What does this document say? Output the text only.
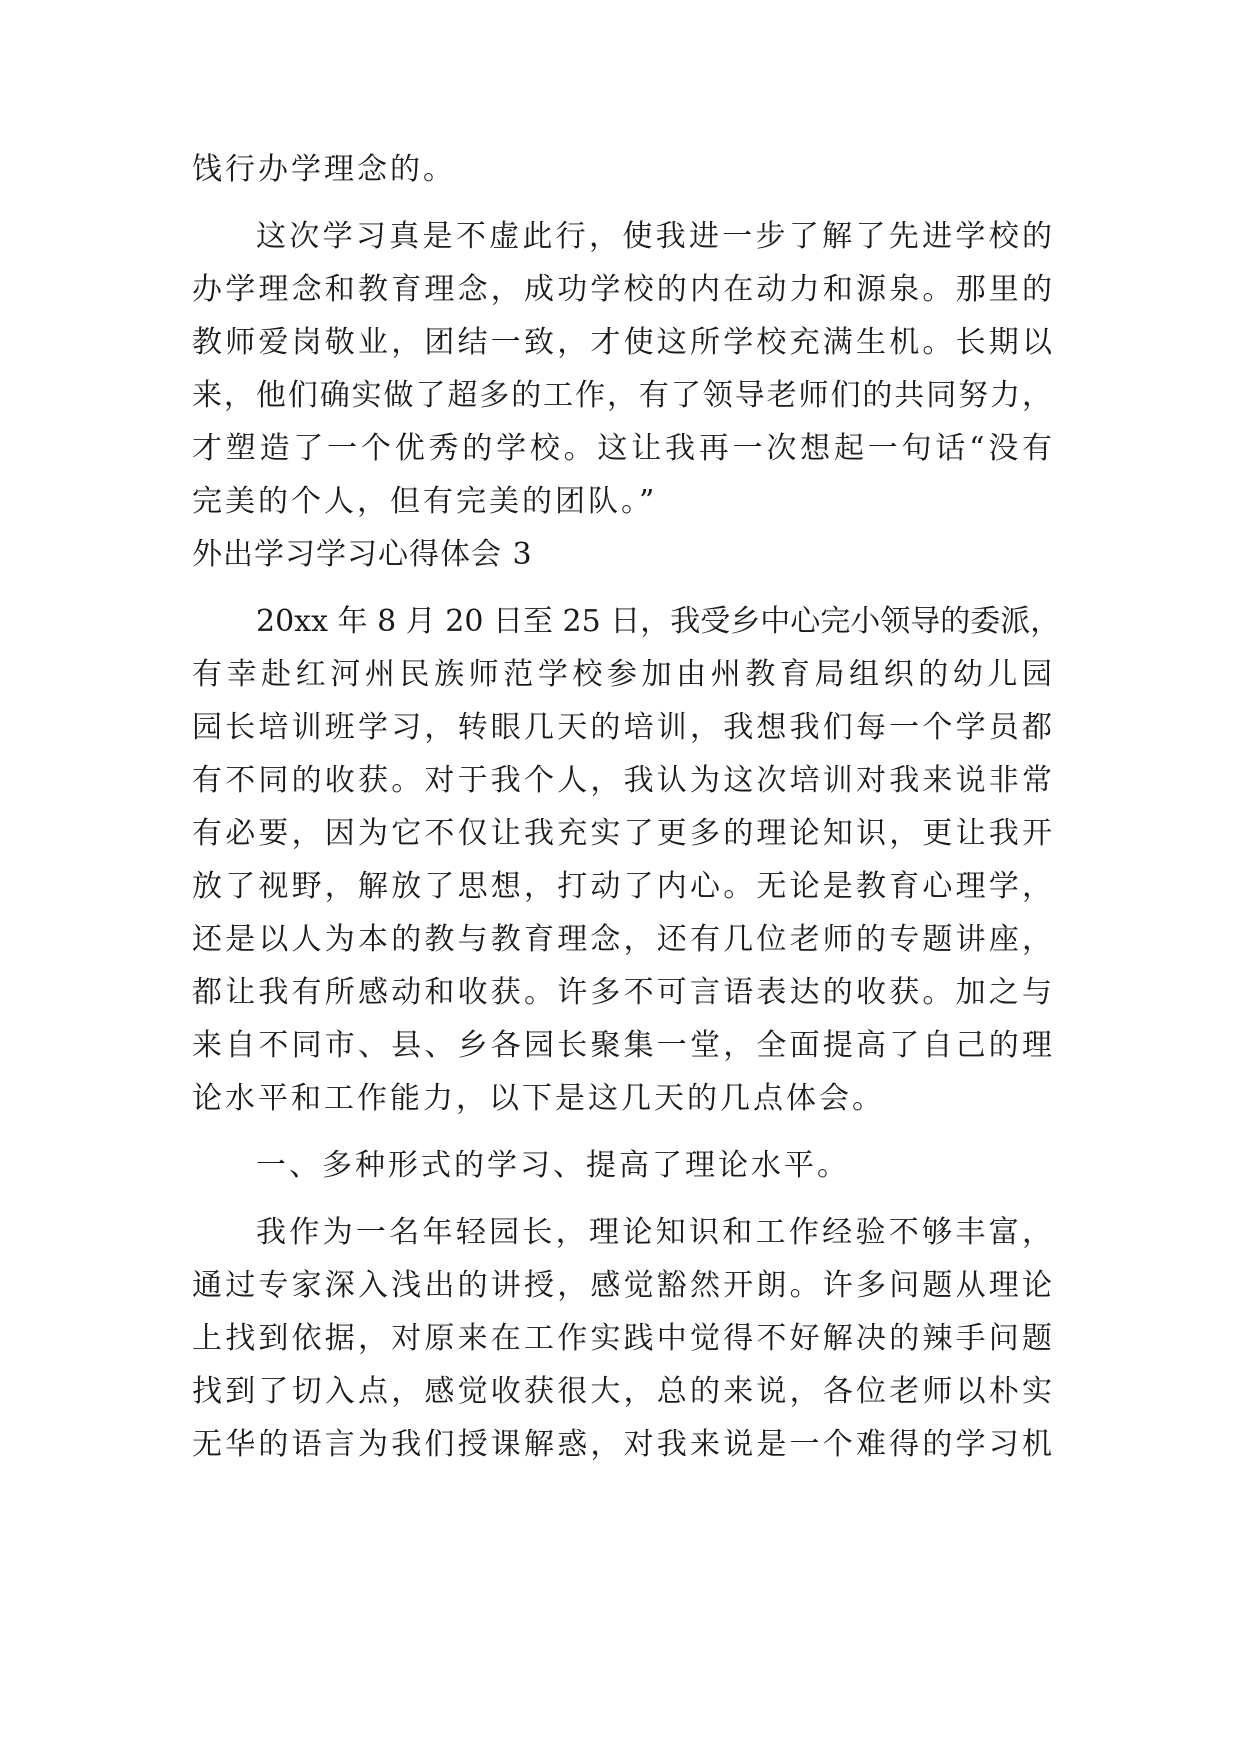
饯行办学理念的。
这次学习真是不虚此行，使我进一步了解了先进学校的
办学理念和教育理念，成功学校的内在动力和源泉。那里的
教师爱岗敬业，团结一致，才使这所学校充满生机。长期以
来，他们确实做了超多的工作，有了领导老师们的共同努力，
才塑造了一个优秀的学校。这让我再一次想起一句话“没有
完美的个人，但有完美的团队。”
外出学习学习心得体会 3
20xx 年 8 月 20 日至 25 日，我受乡中心完小领导的委派，
有幸赴红河州民族师范学校参加由州教育局组织的幼儿园
园长培训班学习，转眼几天的培训，我想我们每一个学员都
有不同的收获。对于我个人，我认为这次培训对我来说非常
有必要，因为它不仅让我充实了更多的理论知识，更让我开
放了视野，解放了思想，打动了内心。无论是教育心理学，
还是以人为本的教与教育理念，还有几位老师的专题讲座，
都让我有所感动和收获。许多不可言语表达的收获。加之与
来自不同市、县、乡各园长聚集一堂，全面提高了自己的理
论水平和工作能力，以下是这几天的几点体会。
一、多种形式的学习、提高了理论水平。
我作为一名年轻园长，理论知识和工作经验不够丰富，
通过专家深入浅出的讲授，感觉豁然开朗。许多问题从理论
上找到依据，对原来在工作实践中觉得不好解决的辣手问题
找到了切入点，感觉收获很大，总的来说，各位老师以朴实
无华的语言为我们授课解惑，对我来说是一个难得的学习机
